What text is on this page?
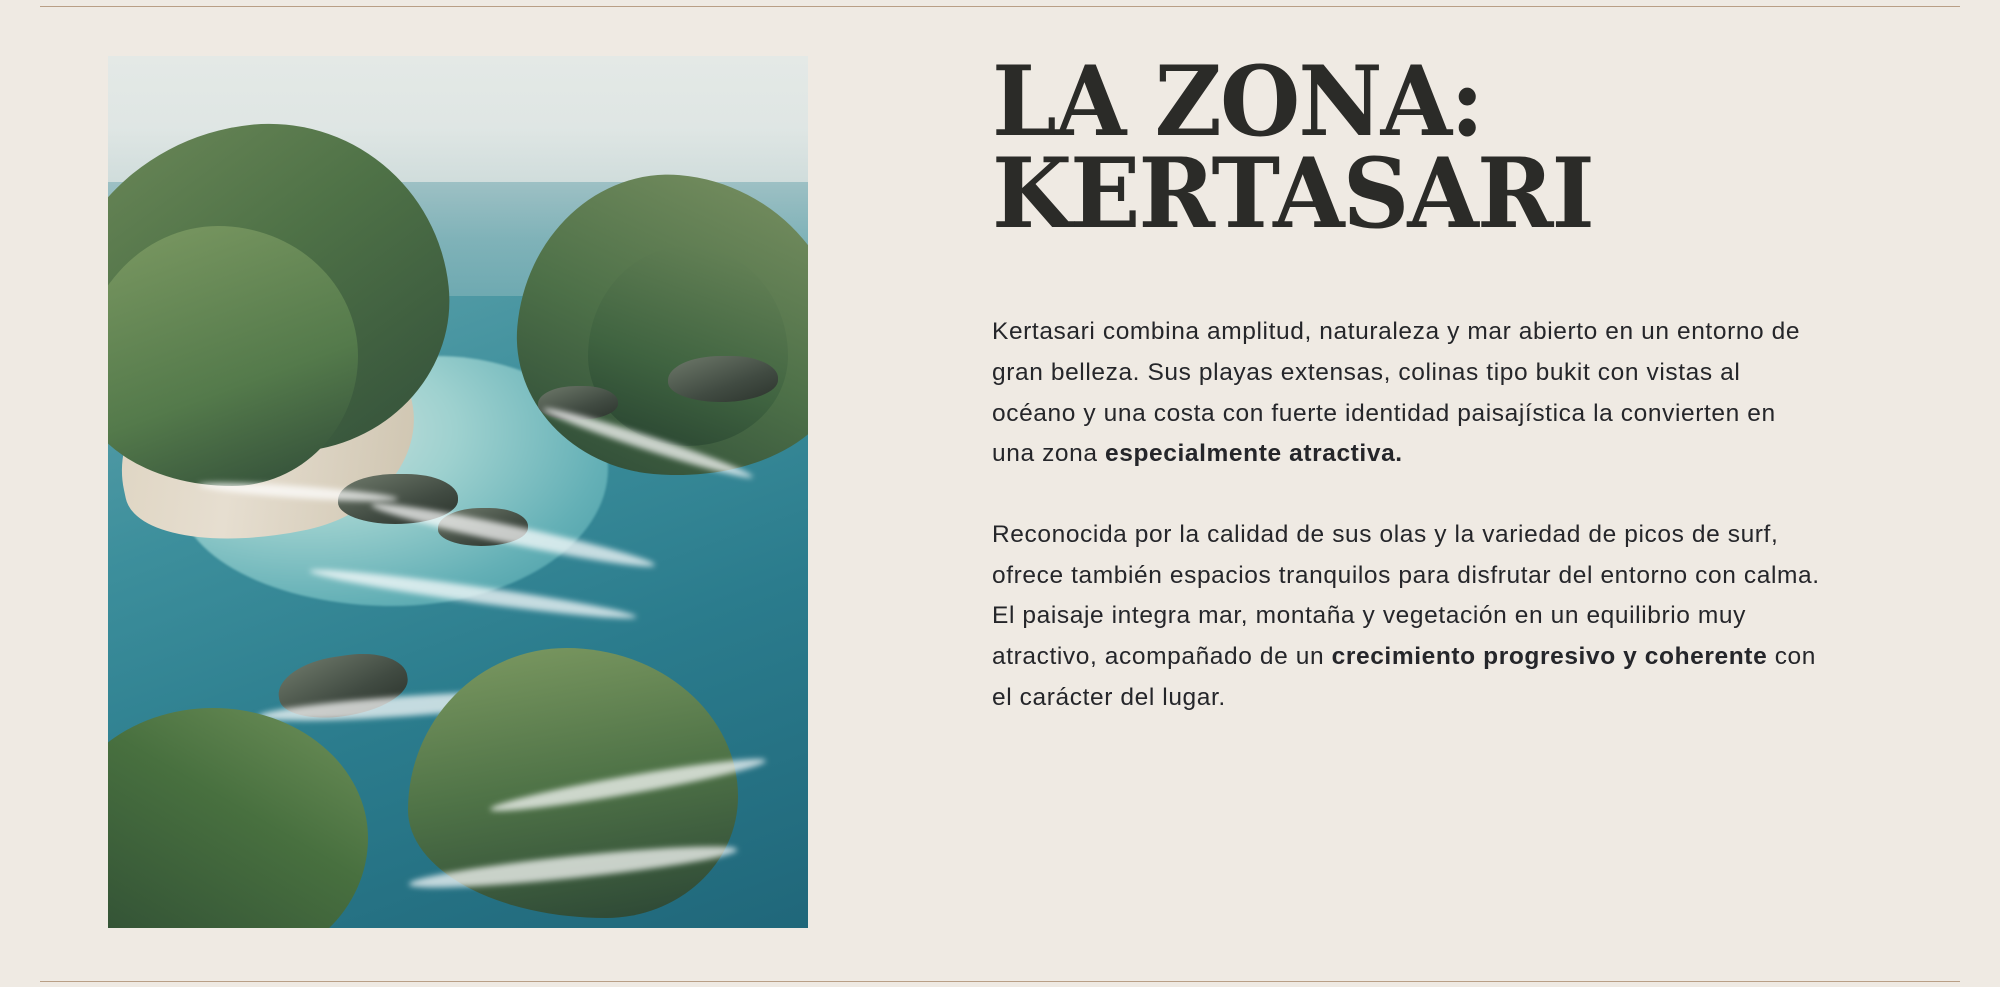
LA ZONA:
KERTASARI

Kertasari combina amplitud, naturaleza y mar abierto en un entorno de gran belleza. Sus playas extensas, colinas tipo bukit con vistas al océano y una costa con fuerte identidad paisajística la convierten en una zona especialmente atractiva.

Reconocida por la calidad de sus olas y la variedad de picos de surf, ofrece también espacios tranquilos para disfrutar del entorno con calma. El paisaje integra mar, montaña y vegetación en un equilibrio muy atractivo, acompañado de un crecimiento progresivo y coherente con el carácter del lugar.
